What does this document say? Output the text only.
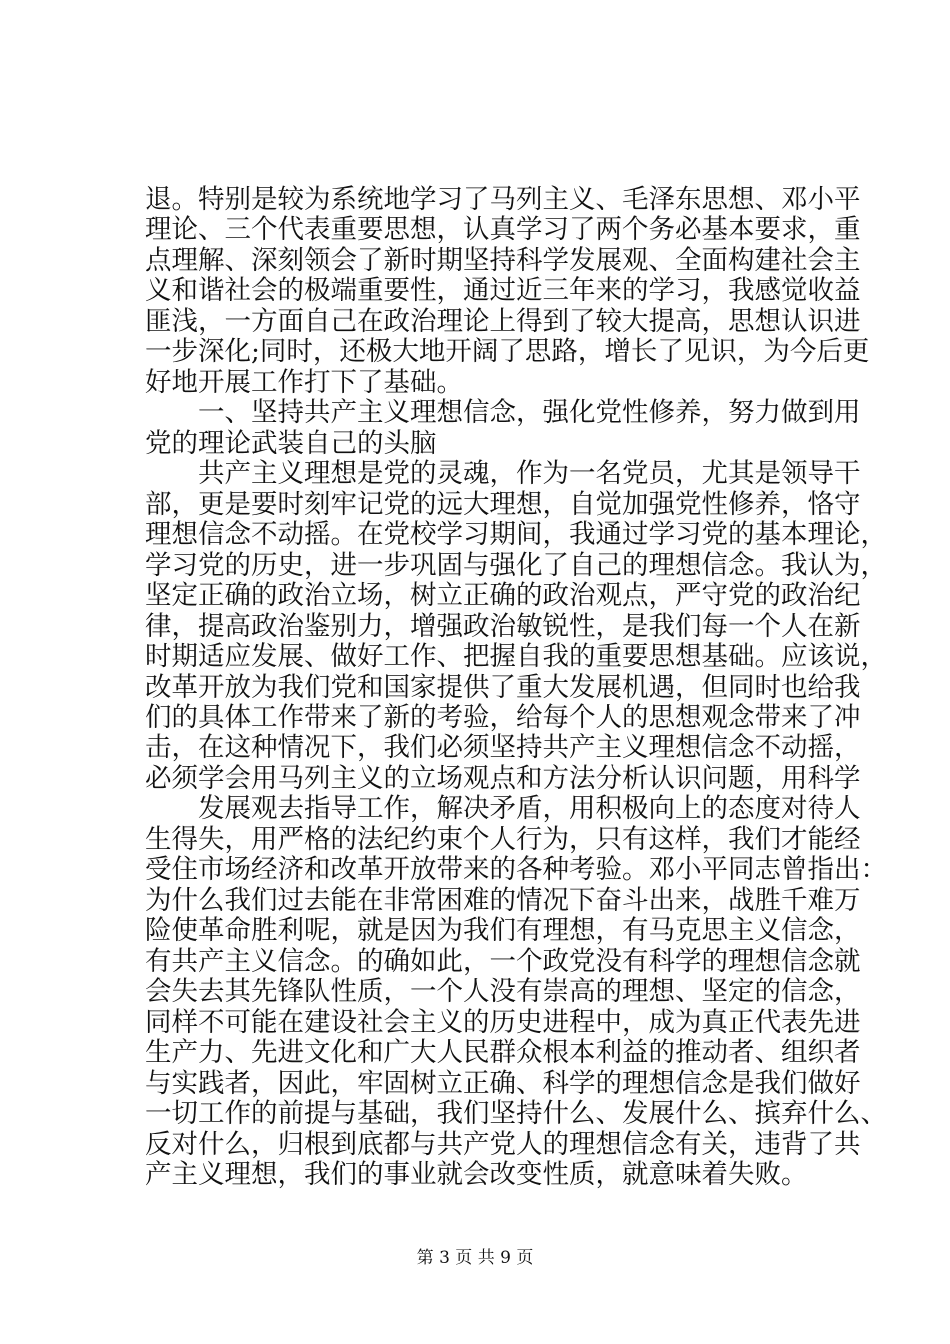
退。特别是较为系统地学习了马列主义、毛泽东思想、邓小平
理论、三个代表重要思想，认真学习了两个务必基本要求，重
点理解、深刻领会了新时期坚持科学发展观、全面构建社会主
义和谐社会的极端重要性，通过近三年来的学习，我感觉收益
匪浅，一方面自己在政治理论上得到了较大提高，思想认识进
一步深化;同时，还极大地开阔了思路，增长了见识，为今后更
好地开展工作打下了基础。
　　一、坚持共产主义理想信念，强化党性修养，努力做到用
党的理论武装自己的头脑
　　共产主义理想是党的灵魂，作为一名党员，尤其是领导干
部，更是要时刻牢记党的远大理想，自觉加强党性修养，恪守
理想信念不动摇。在党校学习期间，我通过学习党的基本理论，
学习党的历史，进一步巩固与强化了自己的理想信念。我认为，
坚定正确的政治立场，树立正确的政治观点，严守党的政治纪
律，提高政治鉴别力，增强政治敏锐性，是我们每一个人在新
时期适应发展、做好工作、把握自我的重要思想基础。应该说，
改革开放为我们党和国家提供了重大发展机遇，但同时也给我
们的具体工作带来了新的考验，给每个人的思想观念带来了冲
击，在这种情况下，我们必须坚持共产主义理想信念不动摇，
必须学会用马列主义的立场观点和方法分析认识问题，用科学
　　发展观去指导工作，解决矛盾，用积极向上的态度对待人
生得失，用严格的法纪约束个人行为，只有这样，我们才能经
受住市场经济和改革开放带来的各种考验。邓小平同志曾指出：
为什么我们过去能在非常困难的情况下奋斗出来，战胜千难万
险使革命胜利呢，就是因为我们有理想，有马克思主义信念，
有共产主义信念。的确如此，一个政党没有科学的理想信念就
会失去其先锋队性质，一个人没有崇高的理想、坚定的信念，
同样不可能在建设社会主义的历史进程中，成为真正代表先进
生产力、先进文化和广大人民群众根本利益的推动者、组织者
与实践者，因此，牢固树立正确、科学的理想信念是我们做好
一切工作的前提与基础，我们坚持什么、发展什么、摈弃什么、
反对什么，归根到底都与共产党人的理想信念有关，违背了共
产主义理想，我们的事业就会改变性质，就意味着失败。
第 3 页 共 9 页
